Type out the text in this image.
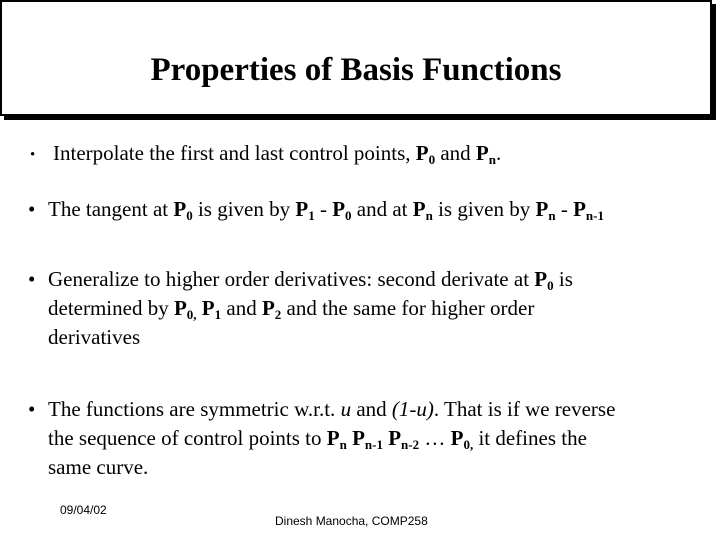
Properties of Basis Functions
• Interpolate the first and last control points, $P_0$ and $P_n$.
• The tangent at $P_0$ is given by $P_1 - P_0$ and at $P_n$ is given by $P_n - P_{n-1}$
• Generalize to higher order derivatives: second derivate at $P_0$ is
determined by $P_{0,}$ $P_1$ and $P_2$ and the same for higher order
derivatives
• The functions are symmetric w.r.t. u and (1-u). That is if we reverse
the sequence of control points to $P_n$ $P_{n-1}$ $P_{n-2}$ … $P_{0,}$ it defines the
same curve.
09/04/02
Dinesh Manocha, COMP258
